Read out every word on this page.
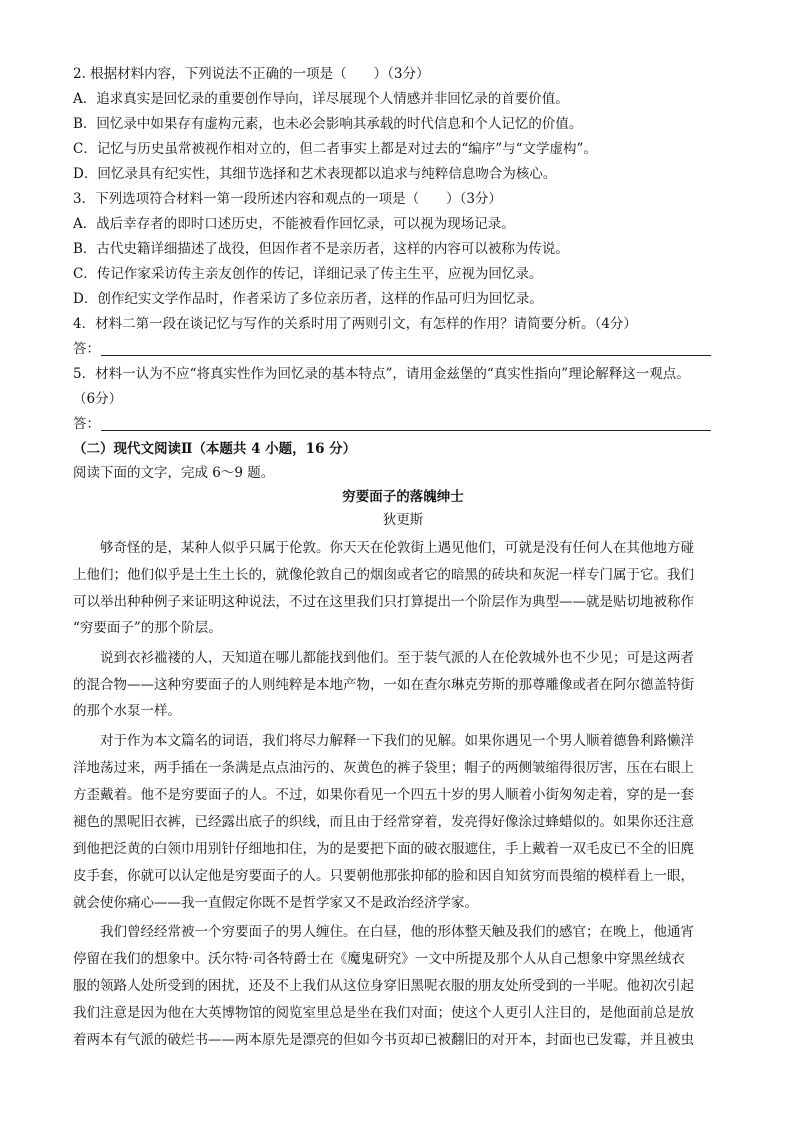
2. 根据材料内容，下列说法不正确的一项是（　　）（3分）
A．追求真实是回忆录的重要创作导向，详尽展现个人情感并非回忆录的首要价值。
B．回忆录中如果存有虚构元素，也未必会影响其承载的时代信息和个人记忆的价值。
C．记忆与历史虽常被视作相对立的，但二者事实上都是对过去的“编序”与“文学虚构”。
D．回忆录具有纪实性，其细节选择和艺术表现都以追求与纯粹信息吻合为核心。
3．下列选项符合材料一第一段所述内容和观点的一项是（　　）（3分）
A．战后幸存者的即时口述历史，不能被看作回忆录，可以视为现场记录。
B．古代史籍详细描述了战役，但因作者不是亲历者，这样的内容可以被称为传说。
C．传记作家采访传主亲友创作的传记，详细记录了传主生平，应视为回忆录。
D．创作纪实文学作品时，作者采访了多位亲历者，这样的作品可归为回忆录。
4．材料二第一段在谈记忆与写作的关系时用了两则引文，有怎样的作用？请简要分析。（4分）
答：
5．材料一认为不应“将真实性作为回忆录的基本特点”，请用金兹堡的“真实性指向”理论解释这一观点。
（6分）
答：
（二）现代文阅读Ⅱ（本题共 4 小题，16 分）
阅读下面的文字，完成 6～9 题。
穷要面子的落魄绅士
狄更斯
　　够奇怪的是，某种人似乎只属于伦敦。你天天在伦敦街上遇见他们，可就是没有任何人在其他地方碰
上他们；他们似乎是土生土长的，就像伦敦自己的烟囱或者它的暗黑的砖块和灰泥一样专门属于它。我们
可以举出种种例子来证明这种说法，不过在这里我们只打算提出一个阶层作为典型——就是贴切地被称作
“穷要面子”的那个阶层。
　　说到衣衫褴褛的人，天知道在哪儿都能找到他们。至于装气派的人在伦敦城外也不少见；可是这两者
的混合物——这种穷要面子的人则纯粹是本地产物，一如在查尔琳克劳斯的那尊雕像或者在阿尔德盖特街
的那个水泵一样。
　　对于作为本文篇名的词语，我们将尽力解释一下我们的见解。如果你遇见一个男人顺着德鲁利路懒洋
洋地荡过来，两手插在一条满是点点油污的、灰黄色的裤子袋里；帽子的两侧皱缩得很厉害，压在右眼上
方歪戴着。他不是穷要面子的人。不过，如果你看见一个四五十岁的男人顺着小街匆匆走着，穿的是一套
褪色的黑呢旧衣裤，已经露出底子的织线，而且由于经常穿着，发亮得好像涂过蜂蜡似的。如果你还注意
到他把泛黄的白领巾用别针仔细地扣住，为的是要把下面的破衣服遮住，手上戴着一双毛皮已不全的旧麂
皮手套，你就可以认定他是穷要面子的人。只要朝他那张抑郁的脸和因自知贫穷而畏缩的模样看上一眼，
就会使你痛心——我一直假定你既不是哲学家又不是政治经济学家。
　　我们曾经经常被一个穷要面子的男人缠住。在白昼，他的形体整天触及我们的感官；在晚上，他通宵
停留在我们的想象中。沃尔特·司各特爵士在《魔鬼研究》一文中所提及那个人从自己想象中穿黑丝绒衣
服的领路人处所受到的困扰，还及不上我们从这位身穿旧黑呢衣服的朋友处所受到的一半呢。他初次引起
我们注意是因为他在大英博物馆的阅览室里总是坐在我们对面；使这个人更引人注目的，是他面前总是放
着两本有气派的破烂书——两本原先是漂亮的但如今书页却已被翻旧的对开本，封面也已发霉，并且被虫
